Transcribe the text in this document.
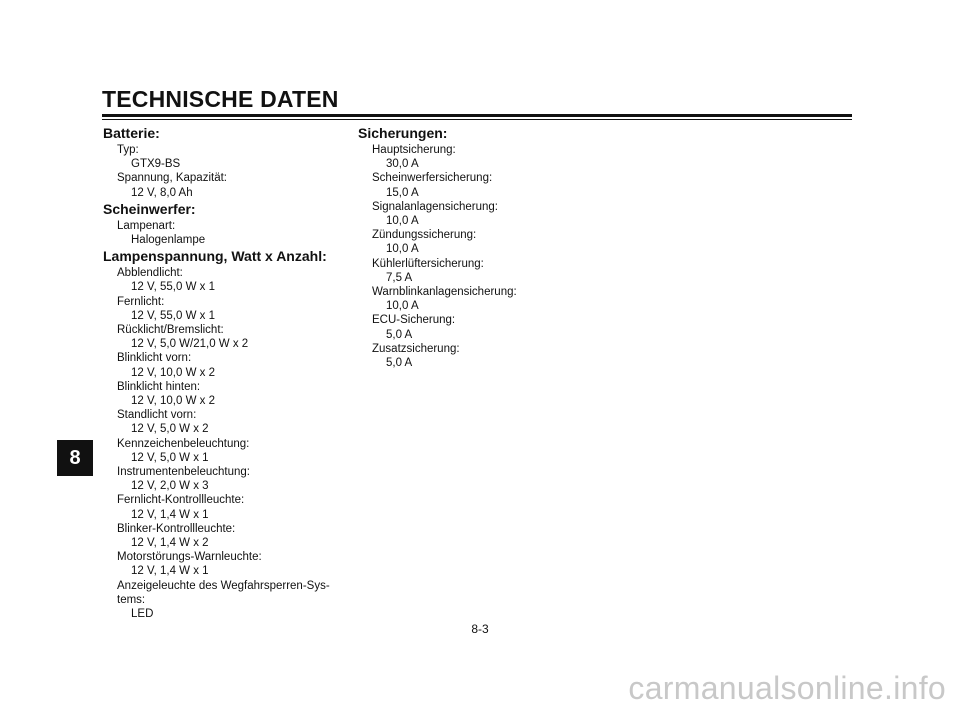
TECHNISCHE DATEN
Batterie:
Typ:
GTX9-BS
Spannung, Kapazität:
12 V, 8,0 Ah
Scheinwerfer:
Lampenart:
Halogenlampe
Lampenspannung, Watt x Anzahl:
Abblendlicht:
12 V, 55,0 W x 1
Fernlicht:
12 V, 55,0 W x 1
Rücklicht/Bremslicht:
12 V, 5,0 W/21,0 W x 2
Blinklicht vorn:
12 V, 10,0 W x 2
Blinklicht hinten:
12 V, 10,0 W x 2
Standlicht vorn:
12 V, 5,0 W x 2
Kennzeichenbeleuchtung:
12 V, 5,0 W x 1
Instrumentenbeleuchtung:
12 V, 2,0 W x 3
Fernlicht-Kontrollleuchte:
12 V, 1,4 W x 1
Blinker-Kontrollleuchte:
12 V, 1,4 W x 2
Motorstörungs-Warnleuchte:
12 V, 1,4 W x 1
Anzeigeleuchte des Wegfahrsperren-Sys-
tems:
LED
Sicherungen:
Hauptsicherung:
30,0 A
Scheinwerfersicherung:
15,0 A
Signalanlagensicherung:
10,0 A
Zündungssicherung:
10,0 A
Kühlerlüftersicherung:
7,5 A
Warnblinkanlagensicherung:
10,0 A
ECU-Sicherung:
5,0 A
Zusatzsicherung:
5,0 A
8
8-3
carmanualsonline.info
